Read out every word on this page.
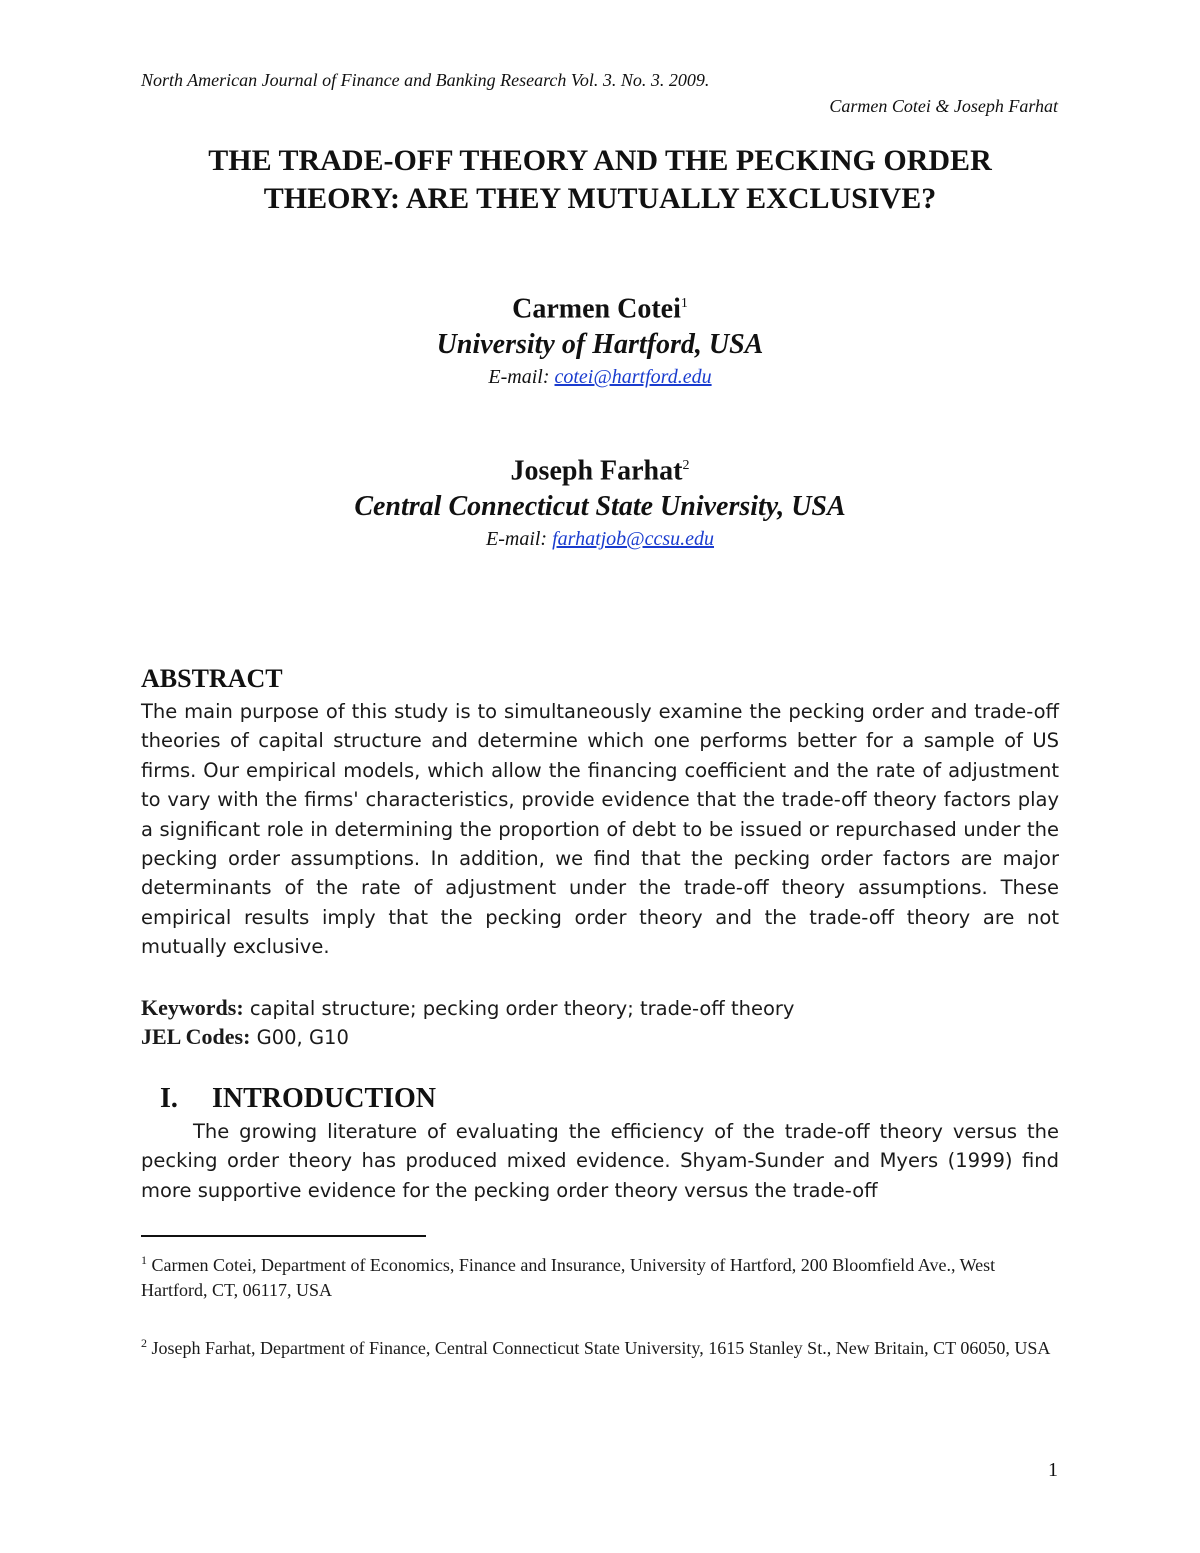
North American Journal of Finance and Banking Research Vol. 3. No. 3. 2009.
Carmen Cotei & Joseph Farhat
THE TRADE-OFF THEORY AND THE PECKING ORDER
THEORY: ARE THEY MUTUALLY EXCLUSIVE?
Carmen Cotei$^1$
University of Hartford, USA
E-mail: cotei@hartford.edu
Joseph Farhat$^2$
Central Connecticut State University, USA
E-mail: farhatjob@ccsu.edu
ABSTRACT

The main purpose of this study is to simultaneously examine the pecking order and trade-off theories of capital structure and determine which one performs better for a sample of US firms. Our empirical models, which allow the financing coefficient and the rate of adjustment to vary with the firms' characteristics, provide evidence that the trade-off theory factors play a significant role in determining the proportion of debt to be issued or repurchased under the pecking order assumptions. In addition, we find that the pecking order factors are major determinants of the rate of adjustment under the trade-off theory assumptions. These empirical results imply that the pecking order theory and the trade-off theory are not mutually exclusive.

Keywords: capital structure; pecking order theory; trade-off theory
JEL Codes: G00, G10
I. INTRODUCTION

The growing literature of evaluating the efficiency of the trade-off theory versus the pecking order theory has produced mixed evidence. Shyam-Sunder and Myers (1999) find more supportive evidence for the pecking order theory versus the trade-off

$^1$ Carmen Cotei, Department of Economics, Finance and Insurance, University of Hartford, 200 Bloomfield Ave., West Hartford, CT, 06117, USA

$^2$ Joseph Farhat, Department of Finance, Central Connecticut State University, 1615 Stanley St., New Britain, CT 06050, USA

1
